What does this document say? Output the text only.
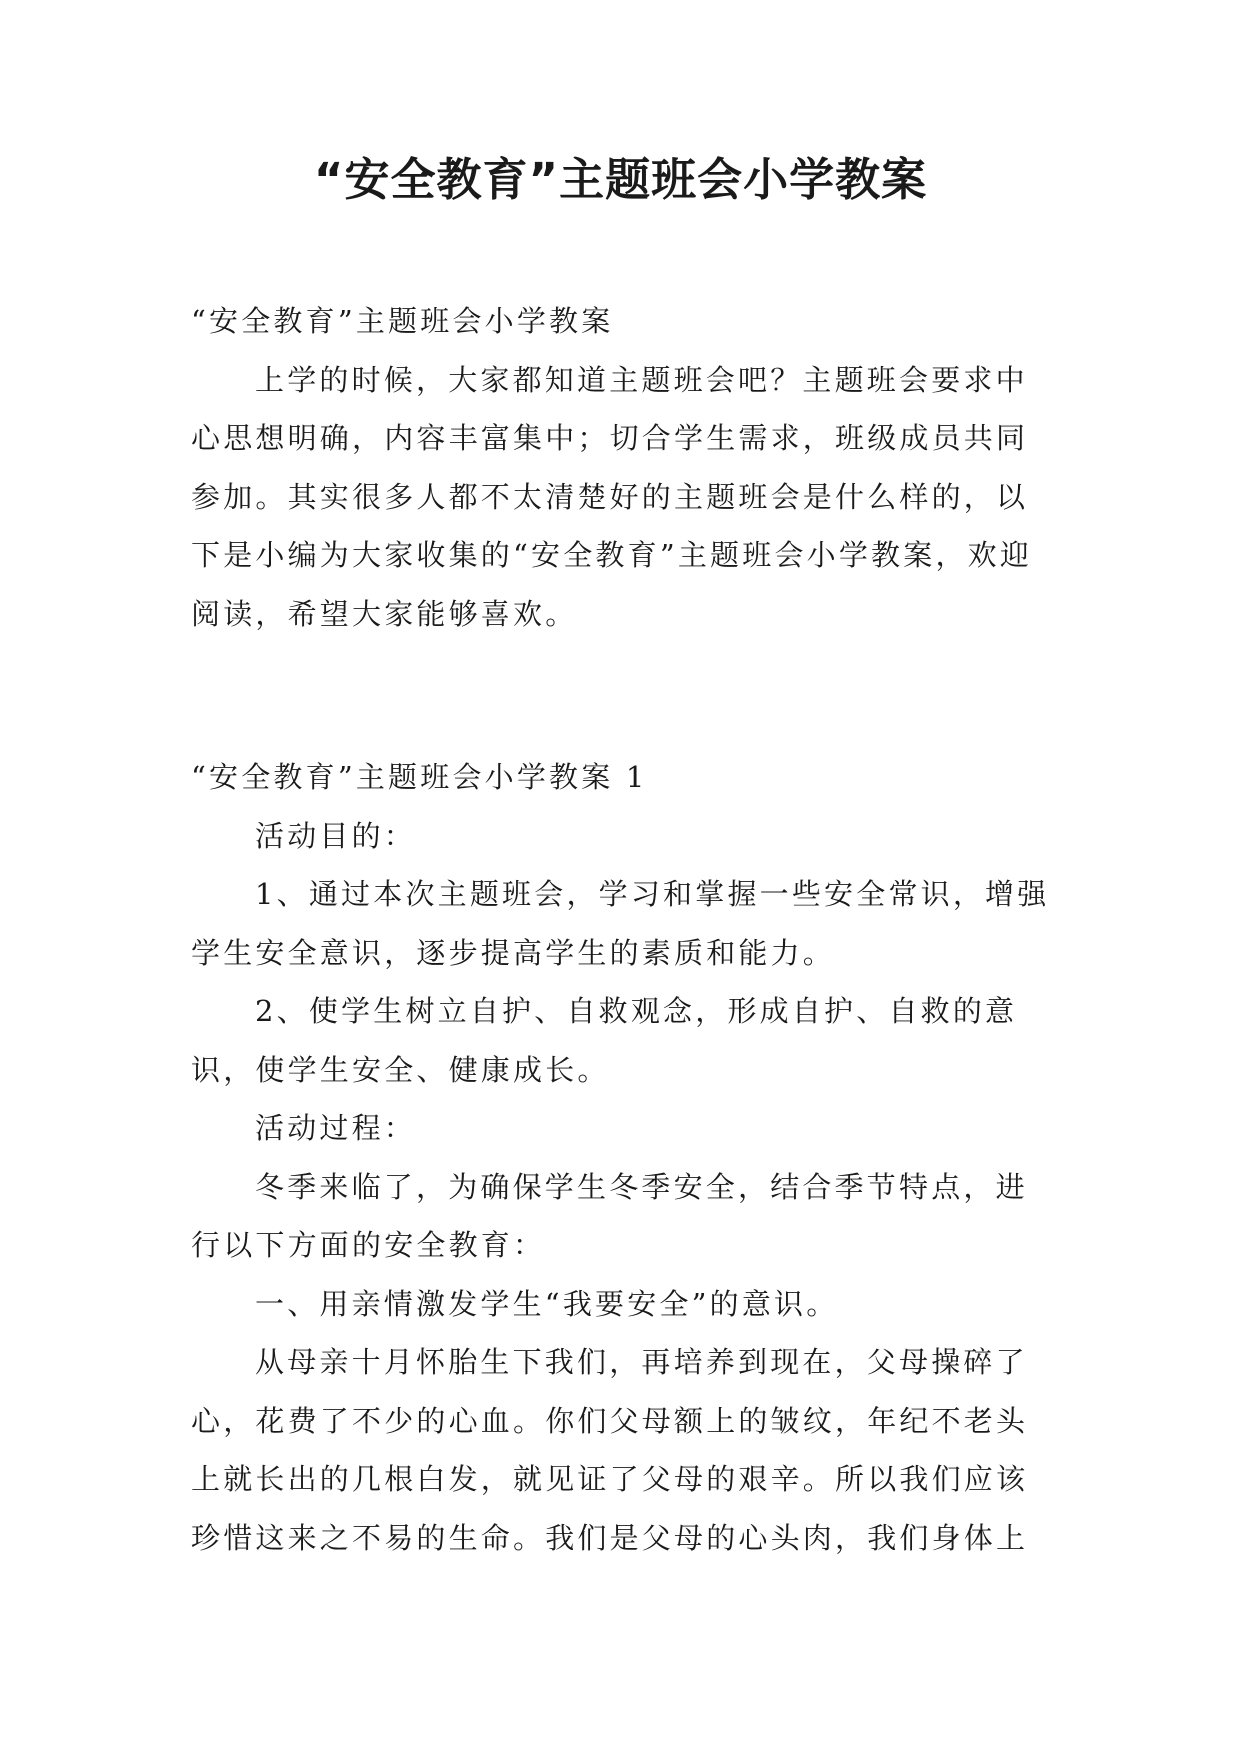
“安全教育”主题班会小学教案

“安全教育”主题班会小学教案

上学的时候，大家都知道主题班会吧？主题班会要求中心思想明确，内容丰富集中；切合学生需求，班级成员共同参加。其实很多人都不太清楚好的主题班会是什么样的，以下是小编为大家收集的“安全教育”主题班会小学教案，欢迎阅读，希望大家能够喜欢。

“安全教育”主题班会小学教案 1

活动目的：

1、通过本次主题班会，学习和掌握一些安全常识，增强学生安全意识，逐步提高学生的素质和能力。

2、使学生树立自护、自救观念，形成自护、自救的意识，使学生安全、健康成长。

活动过程：

冬季来临了，为确保学生冬季安全，结合季节特点，进行以下方面的安全教育：

一、用亲情激发学生“我要安全”的意识。

从母亲十月怀胎生下我们，再培养到现在，父母操碎了心，花费了不少的心血。你们父母额上的皱纹，年纪不老头上就长出的几根白发，就见证了父母的艰辛。所以我们应该珍惜这来之不易的生命。我们是父母的心头肉，我们身体上
